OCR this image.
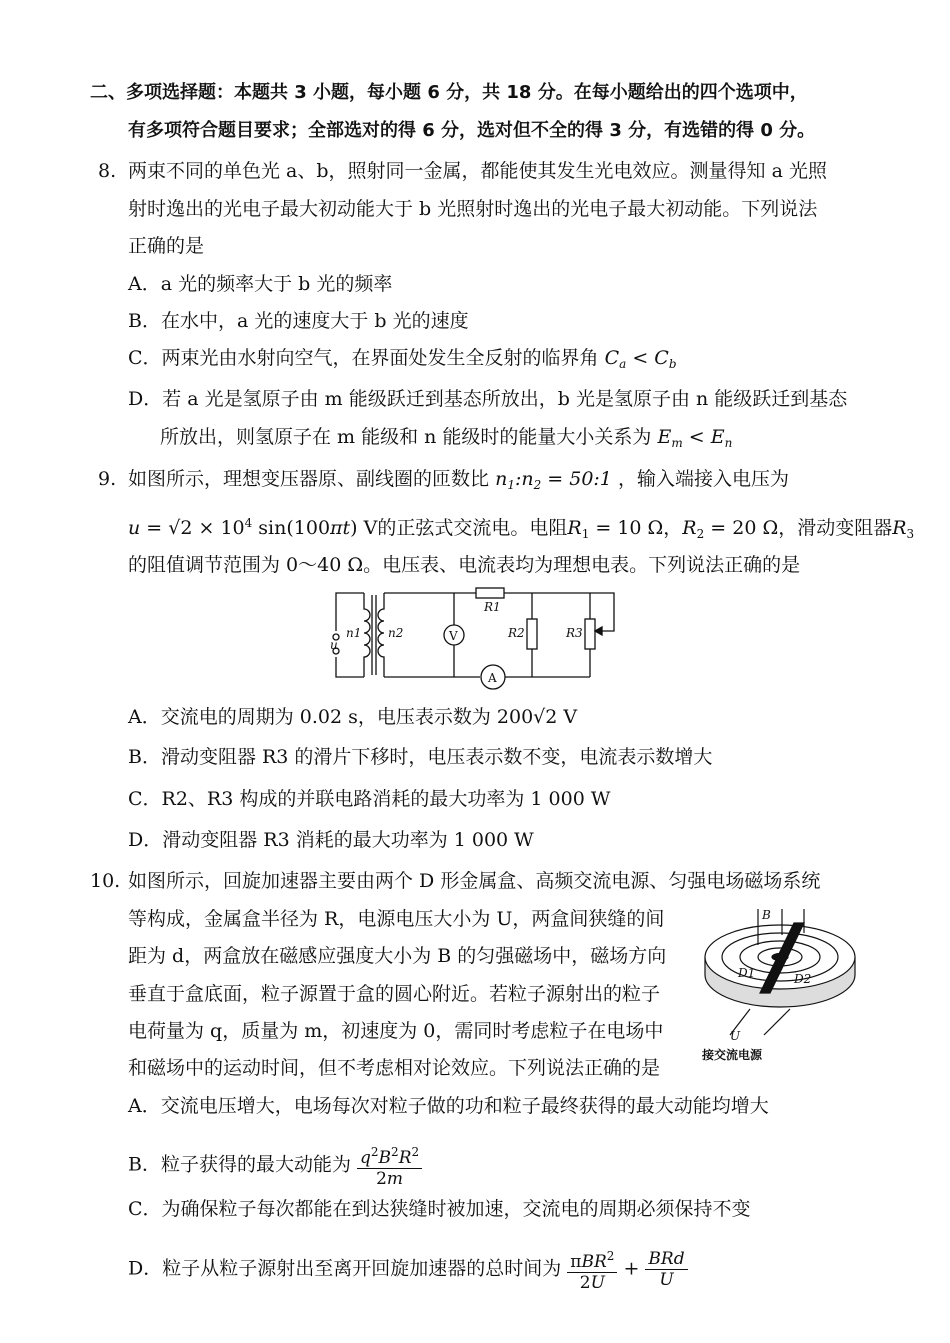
二、多项选择题：本题共 3 小题，每小题 6 分，共 18 分。在每小题给出的四个选项中，
有多项符合题目要求；全部选对的得 6 分，选对但不全的得 3 分，有选错的得 0 分。
8. 两束不同的单色光 a、b，照射同一金属，都能使其发生光电效应。测量得知 a 光照
射时逸出的光电子最大初动能大于 b 光照射时逸出的光电子最大初动能。下列说法
正确的是
A．a 光的频率大于 b 光的频率
B．在水中，a 光的速度大于 b 光的速度
C．两束光由水射向空气，在界面处发生全反射的临界角 $C_a < C_b$
D．若 a 光是氢原子由 m 能级跃迁到基态所放出，b 光是氢原子由 n 能级跃迁到基态
所放出，则氢原子在 m 能级和 n 能级时的能量大小关系为 $E_m < E_n$
9. 如图所示，理想变压器原、副线圈的匝数比 $n_1:n_2$ = 50:1 ，输入端接入电压为
$u = √2 \times 10^4$ sin(100πt) V的正弦式交流电。电阻$R_1 = 10$ Ω，$R_2 = 20$ Ω，滑动变阻器$R_3$
的阻值调节范围为 0～40 Ω。电压表、电流表均为理想电表。下列说法正确的是
u
n1 n2	V
A
R1
R2	R3
A．交流电的周期为 0.02 s，电压表示数为 200√2 V
B．滑动变阻器 R3 的滑片下移时，电压表示数不变，电流表示数增大
C．R2、R3 构成的并联电路消耗的最大功率为 1 000 W
D．滑动变阻器 R3 消耗的最大功率为 1 000 W
10. 如图所示，回旋加速器主要由两个 D 形金属盒、高频交流电源、匀强电场磁场系统
等构成，金属盒半径为 R，电源电压大小为 U，两盒间狭缝的间
距为 d，两盒放在磁感应强度大小为 B 的匀强磁场中，磁场方向
垂直于盒底面，粒子源置于盒的圆心附近。若粒子源射出的粒子
电荷量为 q，质量为 m，初速度为 0，需同时考虑粒子在电场中
和磁场中的运动时间，但不考虑相对论效应。下列说法正确的是
B
D1	D2
U
接交流电源
A．交流电压增大，电场每次对粒子做的功和粒子最终获得的最大动能均增大
B．粒子获得的最大动能为 $\frac{q^2B^2R^2}{2m}$
C．为确保粒子每次都能在到达狭缝时被加速，交流电的周期必须保持不变
D．粒子从粒子源射出至离开回旋加速器的总时间为 $\frac{\pi BR^2}{2U} + \frac{\text{BRd}}{U}$
